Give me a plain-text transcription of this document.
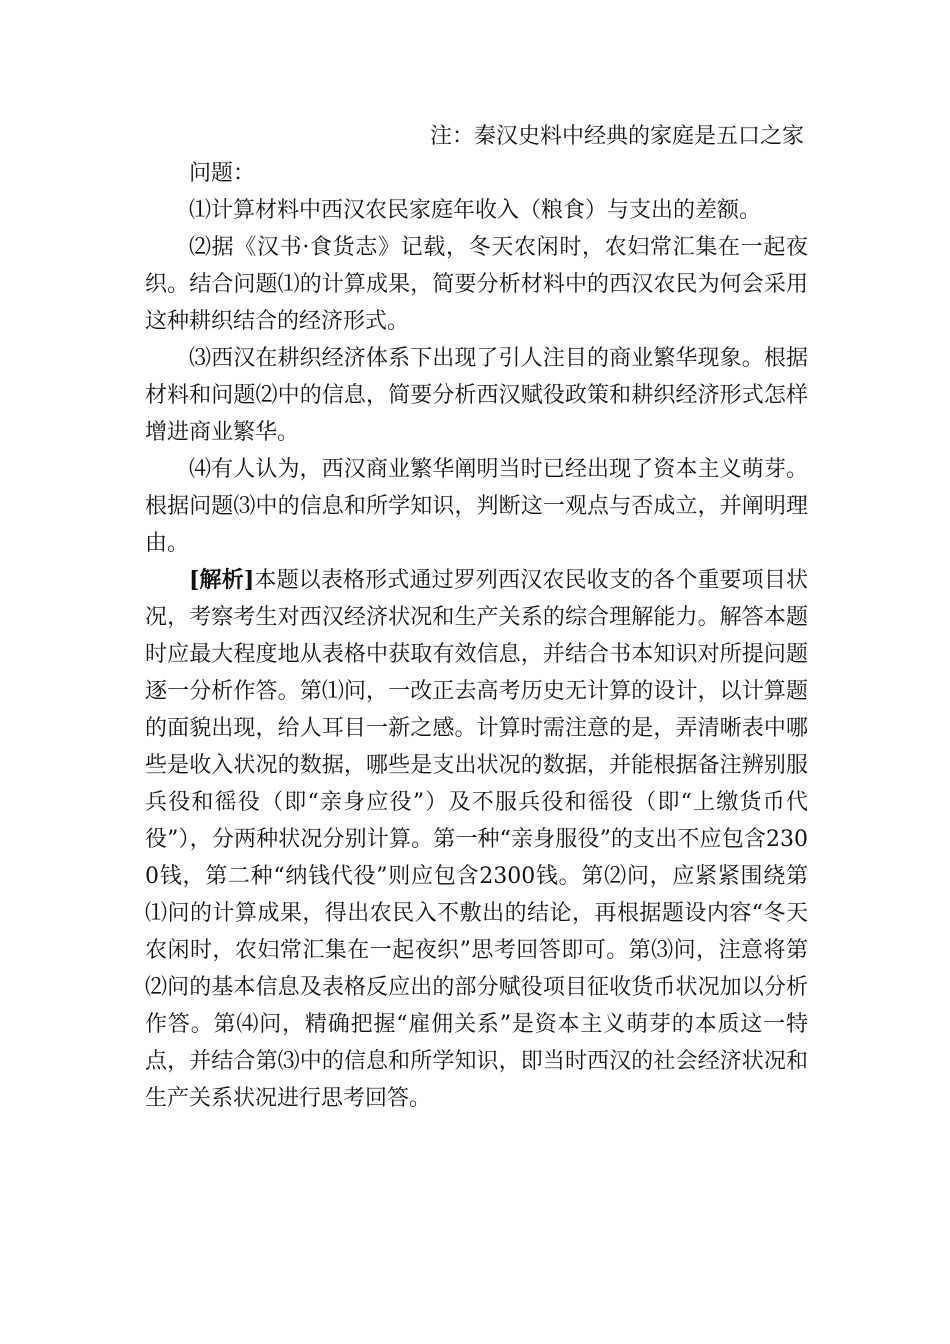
注：秦汉史料中经典的家庭是五口之家

问题：

⑴计算材料中西汉农民家庭年收入（粮食）与支出的差额。

⑵据《汉书·食货志》记载，冬天农闲时，农妇常汇集在一起夜织。结合问题⑴的计算成果，简要分析材料中的西汉农民为何会采用这种耕织结合的经济形式。

⑶西汉在耕织经济体系下出现了引人注目的商业繁华现象。根据材料和问题⑵中的信息，简要分析西汉赋役政策和耕织经济形式怎样增进商业繁华。

⑷有人认为，西汉商业繁华阐明当时已经出现了资本主义萌芽。根据问题⑶中的信息和所学知识，判断这一观点与否成立，并阐明理由。

[解析]本题以表格形式通过罗列西汉农民收支的各个重要项目状况，考察考生对西汉经济状况和生产关系的综合理解能力。解答本题时应最大程度地从表格中获取有效信息，并结合书本知识对所提问题逐一分析作答。第⑴问，一改正去高考历史无计算的设计，以计算题的面貌出现，给人耳目一新之感。计算时需注意的是，弄清晰表中哪些是收入状况的数据，哪些是支出状况的数据，并能根据备注辨别服兵役和徭役（即“亲身应役”）及不服兵役和徭役（即“上缴货币代役”），分两种状况分别计算。第一种“亲身服役”的支出不应包含2300钱，第二种“纳钱代役”则应包含2300钱。第⑵问，应紧紧围绕第⑴问的计算成果，得出农民入不敷出的结论，再根据题设内容“冬天农闲时，农妇常汇集在一起夜织”思考回答即可。第⑶问，注意将第⑵问的基本信息及表格反应出的部分赋役项目征收货币状况加以分析作答。第⑷问，精确把握“雇佣关系”是资本主义萌芽的本质这一特点，并结合第⑶中的信息和所学知识，即当时西汉的社会经济状况和生产关系状况进行思考回答。
